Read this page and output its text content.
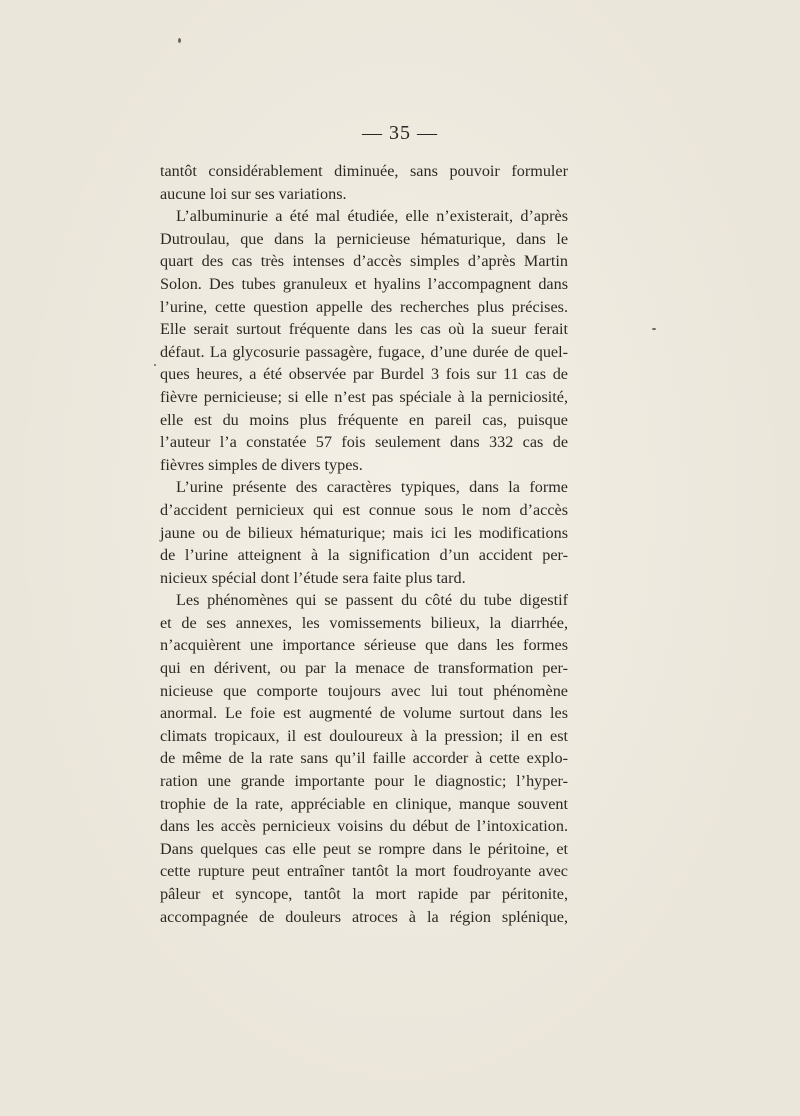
— 35 —
tantôt considérablement diminuée, sans pouvoir formuler
aucune loi sur ses variations.
L’albuminurie a été mal étudiée, elle n’existerait, d’après
Dutroulau, que dans la pernicieuse hématurique, dans le
quart des cas très intenses d’accès simples d’après Martin
Solon. Des tubes granuleux et hyalins l’accompagnent dans
l’urine, cette question appelle des recherches plus précises.
Elle serait surtout fréquente dans les cas où la sueur ferait
défaut. La glycosurie passagère, fugace, d’une durée de quel-
ques heures, a été observée par Burdel 3 fois sur 11 cas de
fièvre pernicieuse; si elle n’est pas spéciale à la perniciosité,
elle est du moins plus fréquente en pareil cas, puisque
l’auteur l’a constatée 57 fois seulement dans 332 cas de
fièvres simples de divers types.
L’urine présente des caractères typiques, dans la forme
d’accident pernicieux qui est connue sous le nom d’accès
jaune ou de bilieux hématurique; mais ici les modifications
de l’urine atteignent à la signification d’un accident per-
nicieux spécial dont l’étude sera faite plus tard.
Les phénomènes qui se passent du côté du tube digestif
et de ses annexes, les vomissements bilieux, la diarrhée,
n’acquièrent une importance sérieuse que dans les formes
qui en dérivent, ou par la menace de transformation per-
nicieuse que comporte toujours avec lui tout phénomène
anormal. Le foie est augmenté de volume surtout dans les
climats tropicaux, il est douloureux à la pression; il en est
de même de la rate sans qu’il faille accorder à cette explo-
ration une grande importante pour le diagnostic; l’hyper-
trophie de la rate, appréciable en clinique, manque souvent
dans les accès pernicieux voisins du début de l’intoxication.
Dans quelques cas elle peut se rompre dans le péritoine, et
cette rupture peut entraîner tantôt la mort foudroyante avec
pâleur et syncope, tantôt la mort rapide par péritonite,
accompagnée de douleurs atroces à la région splénique,
